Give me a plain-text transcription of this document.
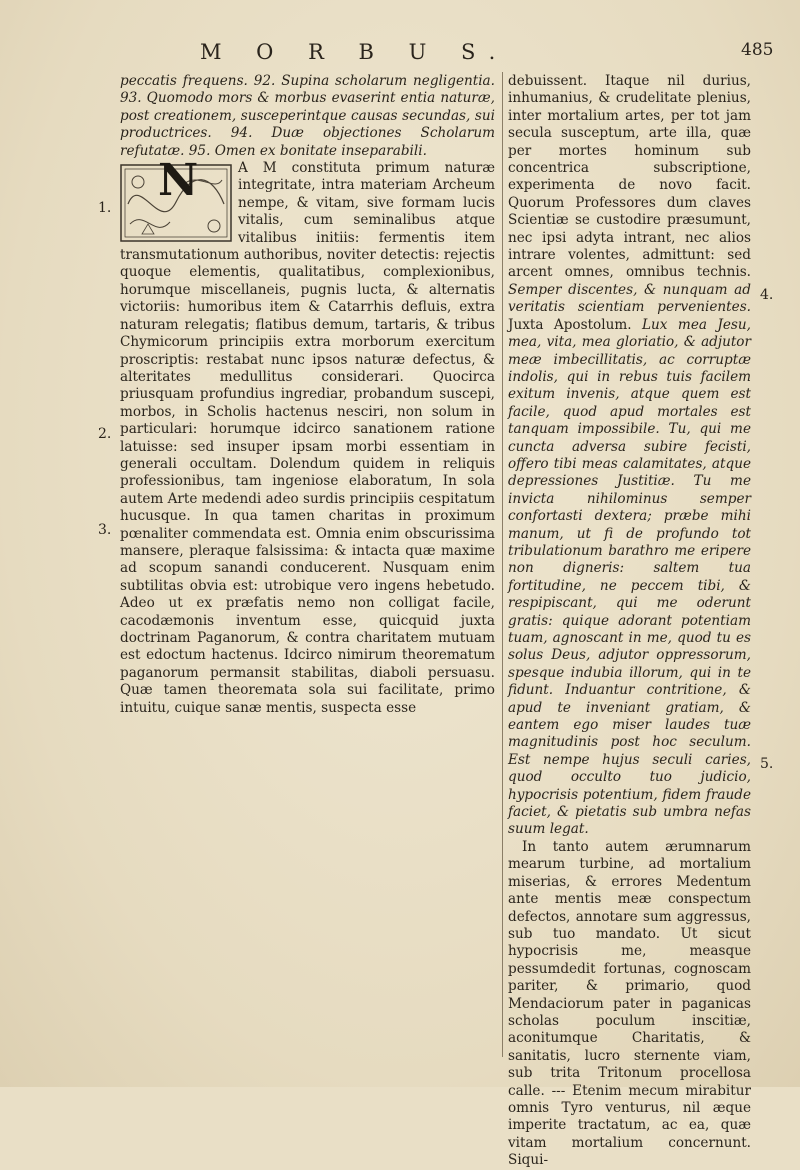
M O R B U S.	485

peccatis frequens. 92. Supina scholarum negligentia. 93. Quomodo mors & morbus evaserint entia naturæ, post creationem, susceperintque causas secundas, sui productrices. 94. Duæ objectiones Scholarum refutatæ. 95. Omen ex bonitate inseparabili.

N	A M constituta primum naturæ integritate, intra materiam Archeum nempe, & vitam, sive formam lucis vitalis, cum seminalibus atque vitalibus initiis: fermentis item transmutationum authoribus, noviter detectis: rejectis quoque elementis, qualitatibus, complexionibus, horumque miscellaneis, pugnis lucta, & alternatis victoriis: humoribus item & Catarrhis defluis, extra naturam relegatis; flatibus demum, tartaris, & tribus Chymicorum principiis extra morborum exercitum proscriptis: restabat nunc ipsos naturæ defectus, & alteritates medullitus considerari. Quocirca priusquam profundius ingrediar, probandum suscepi, morbos, in Scholis hactenus nesciri, non solum in particulari: horumque idcirco sanationem ratione latuisse: sed insuper ipsam morbi essentiam in generali occultam. Dolendum quidem in reliquis professionibus, tam ingeniose elaboratum, In sola autem Arte medendi adeo surdis principiis cespitatum hucusque. In qua tamen charitas in proximum pœnaliter commendata est. Omnia enim obscurissima mansere, pleraque falsissima: & intacta quæ maxime ad scopum sanandi conducerent. Nusquam enim subtilitas obvia est: utrobique vero ingens hebetudo. Adeo ut ex præfatis nemo non colligat facile, cacodæmonis inventum esse, quicquid juxta doctrinam Paganorum, & contra charitatem mutuam est edoctum hactenus. Idcirco nimirum theorematum paganorum permansit stabilitas, diaboli persuasu. Quæ tamen theoremata sola sui facilitate, primo intuitu, cuique sanæ mentis, suspecta esse

1.
2.
3.

debuissent. Itaque nil durius, inhumanius, & crudelitate plenius, inter mortalium artes, per tot jam secula susceptum, arte illa, quæ per mortes hominum sub concentrica subscriptione, experimenta de novo facit. Quorum Professores dum claves Scientiæ se custodire præsumunt, nec ipsi adyta intrant, nec alios intrare volentes, admittunt: sed arcent omnes, omnibus technis. Semper discentes, & nunquam ad veritatis scientiam pervenientes. Juxta Apostolum. Lux mea Jesu, mea, vita, mea gloriatio, & adjutor meæ imbecillitatis, ac corruptæ indolis, qui in rebus tuis facilem exitum invenis, atque quem est facile, quod apud mortales est tanquam impossibile. Tu, qui me cuncta adversa subire fecisti, offero tibi meas calamitates, atque depressiones Justitiæ. Tu me invicta nihilominus semper confortasti dextera; præbe mihi manum, ut fi de profundo tot tribulationum barathro me eripere non digneris: saltem tua fortitudine, ne peccem tibi, & respipiscant, qui me oderunt gratis: quique adorant potentiam tuam, agnoscant in me, quod tu es solus Deus, adjutor oppressorum, spesque indubia illorum, qui in te fidunt. Induantur contritione, & apud te inveniant gratiam, & eantem ego miser laudes tuæ magnitudinis post hoc seculum. Est nempe hujus seculi caries, quod occulto tuo judicio, hypocrisis potentium, fidem fraude faciet, & pietatis sub umbra nefas suum legat.

In tanto autem ærumnarum mearum turbine, ad mortalium miserias, & errores Medentum ante mentis meæ conspectum defectos, annotare sum aggressus, sub tuo mandato. Ut sicut hypocrisis me, measque pessumdedit fortunas, cognoscam pariter, & primario, quod Mendaciorum pater in paganicas scholas poculum inscitiæ, aconitumque Charitatis, & sanitatis, lucro sternente viam, sub trita Tritonum procellosa calle. --- Etenim mecum mirabitur omnis Tyro venturus, nil æque imperite tractatum, ac ea, quæ vitam mortalium concernunt. Siqui-

4.
5.
